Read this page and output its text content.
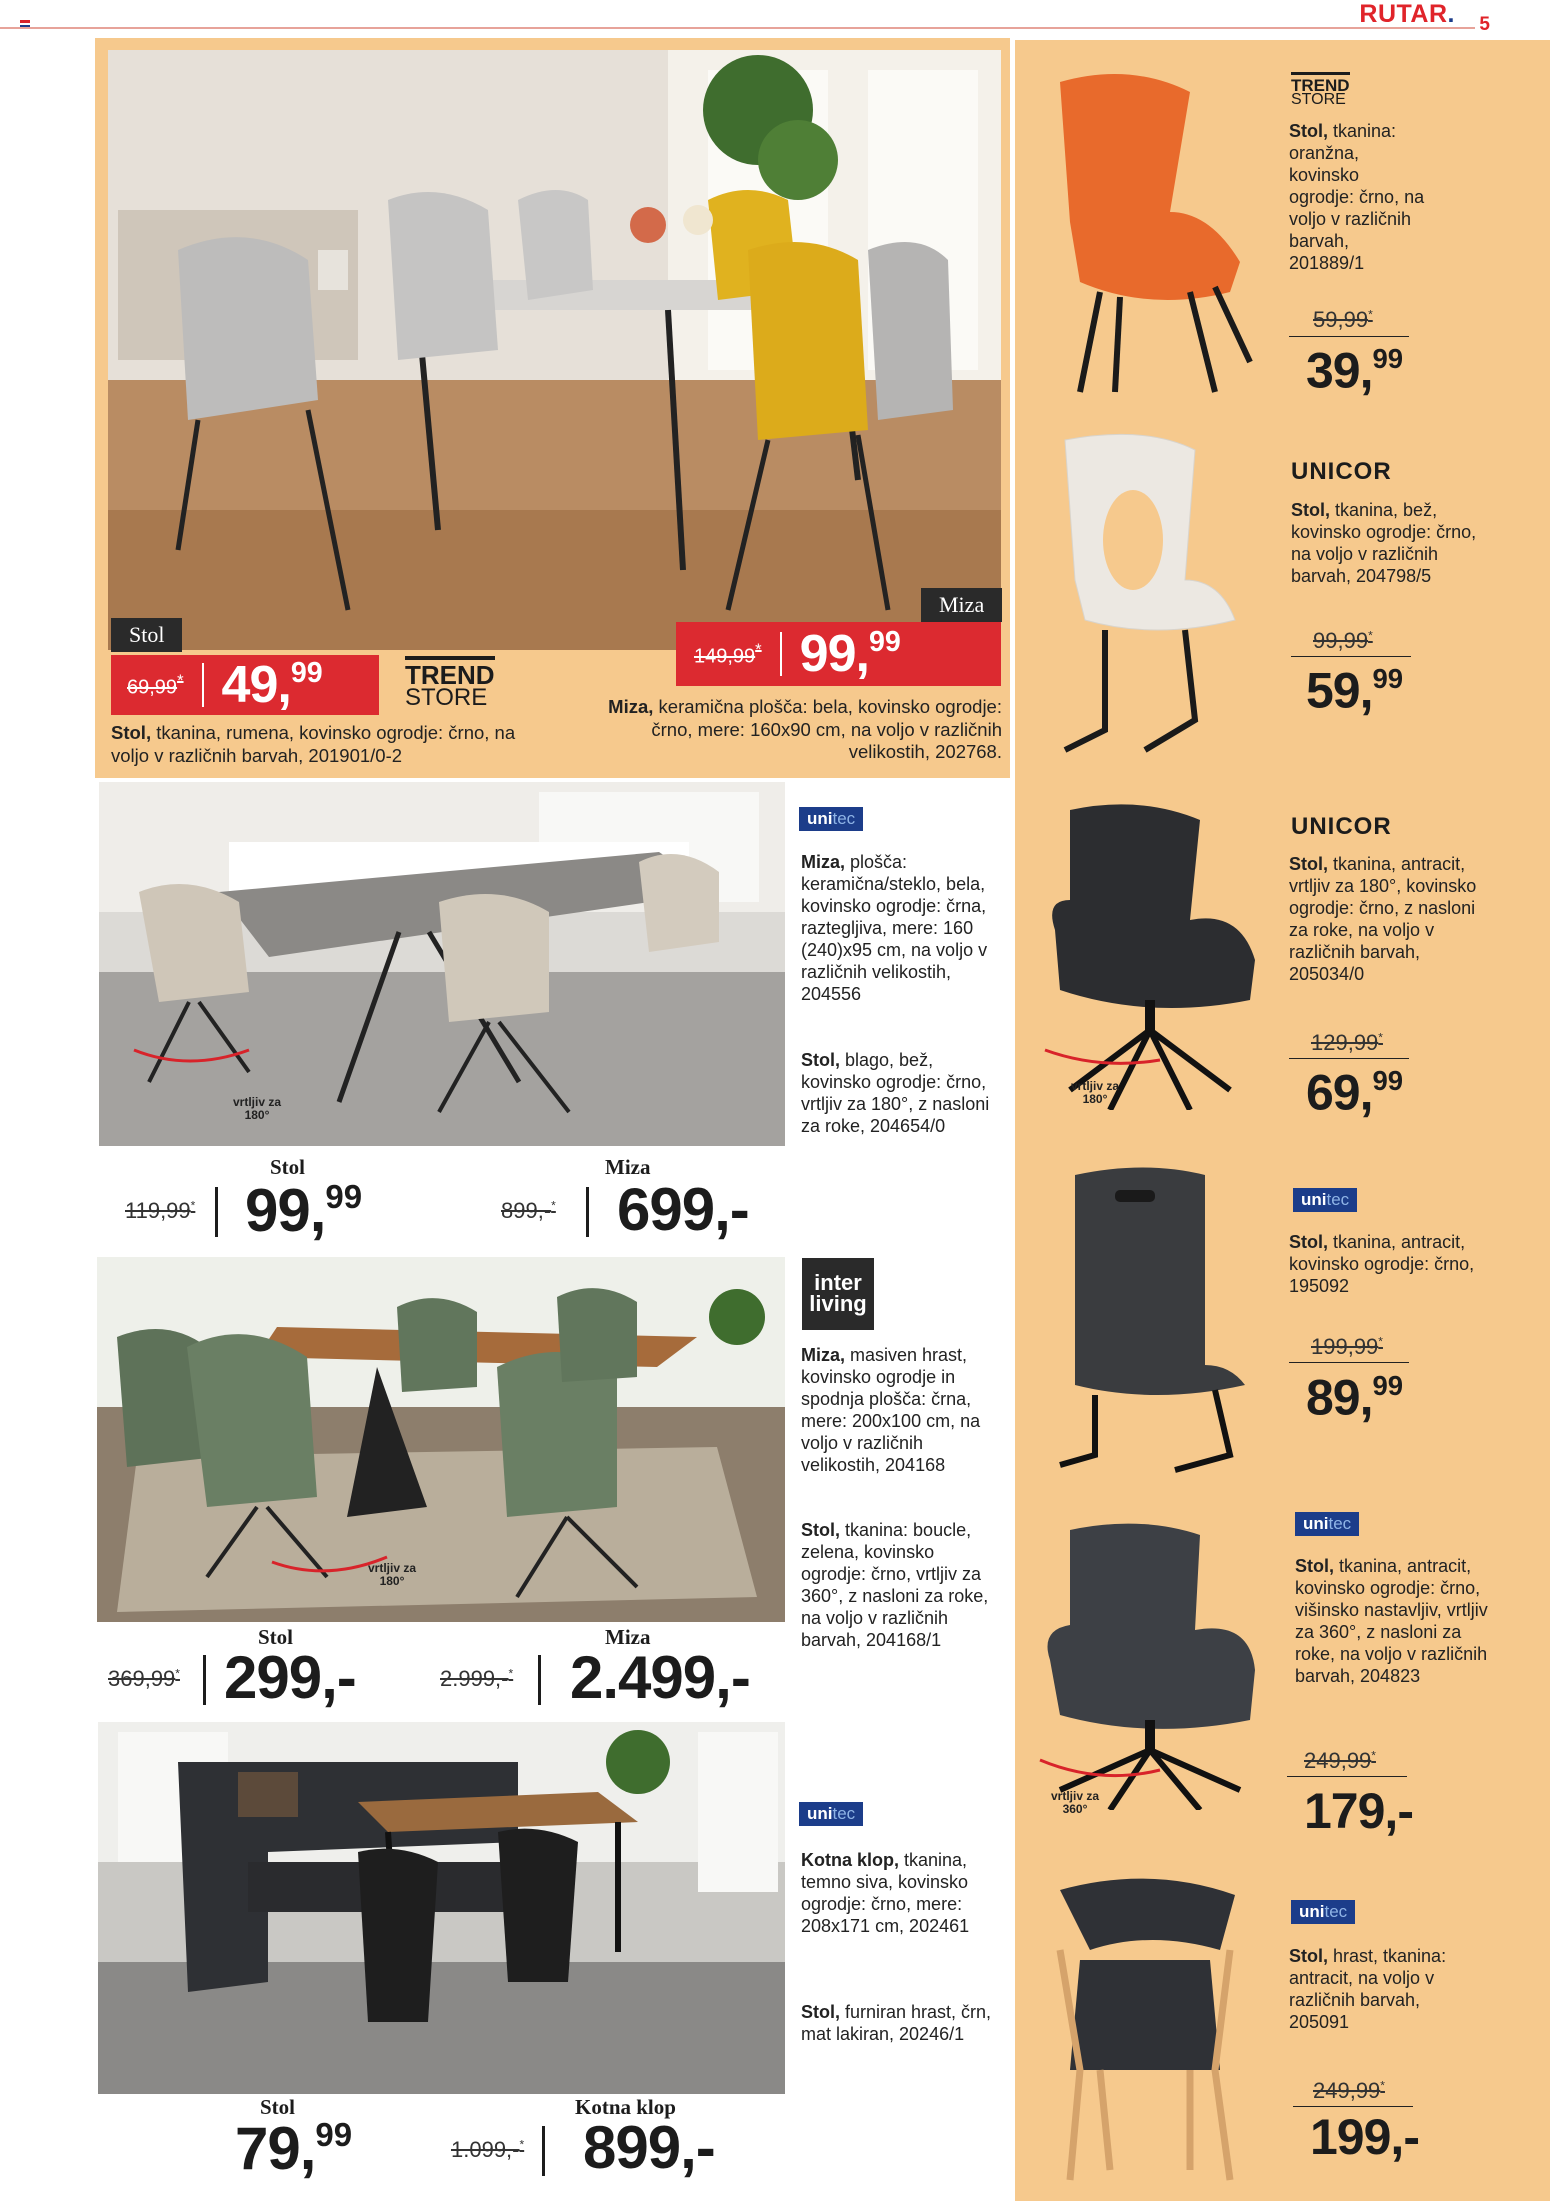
RUTAR. 5
Stol
Miza
69,99* 49,99	TREND
STORE
Stol, tkanina, rumena, kovinsko ogrodje: črno, na voljo v različnih barvah, 201901/0-2
149,99* 99,99
Miza, keramična plošča: bela, kovinsko ogrodje: črno, mere: 160x90 cm, na voljo v različnih velikostih, 202768.
vrtljiv za 180°
unitec
Miza, plošča: keramična/steklo, bela, kovinsko ogrodje: črna, raztegljiva, mere: 160 (240)x95 cm, na voljo v različnih velikostih, 204556
Stol, blago, bež, kovinsko ogrodje: črno, vrtljiv za 180°, z nasloni za roke, 204654/0
Stol
119,99* 99,99
Miza
899,-* 699,-
vrtljiv za 180°
inter
living
Miza, masiven hrast, kovinsko ogrodje in spodnja plošča: črna, mere: 200x100 cm, na voljo v različnih velikostih, 204168
Stol, tkanina: boucle, zelena, kovinsko ogrodje: črno, vrtljiv za 360°, z nasloni za roke, na voljo v različnih barvah, 204168/1
Stol
369,99* 299,-
Miza
2.999,-* 2.499,-
unitec
Kotna klop, tkanina, temno siva, kovinsko ogrodje: črno, mere: 208x171 cm, 202461
Stol, furniran hrast, črn, mat lakiran, 20246/1
Stol
79,99
Kotna klop
1.099,-* 899,-
TREND
STORE
Stol, tkanina: oranžna, kovinsko ogrodje: črno, na voljo v različnih barvah, 201889/1
59,99*
39,99
UNICOR
Stol, tkanina, bež, kovinsko ogrodje: črno, na voljo v različnih barvah, 204798/5
99,99*
59,99
vrtljiv za 180°
UNICOR
Stol, tkanina, antracit, vrtljiv za 180°, kovinsko ogrodje: črno, z nasloni za roke, na voljo v različnih barvah, 205034/0
129,99*
69,99
unitec
Stol, tkanina, antracit, kovinsko ogrodje: črno, 195092
199,99*
89,99
vrtljiv za 360°
unitec
Stol, tkanina, antracit, kovinsko ogrodje: črno, višinsko nastavljiv, vrtljiv za 360°, z nasloni za roke, na voljo v različnih barvah, 204823
249,99*
179,-
unitec
Stol, hrast, tkanina: antracit, na voljo v različnih barvah, 205091
249,99*
199,-
